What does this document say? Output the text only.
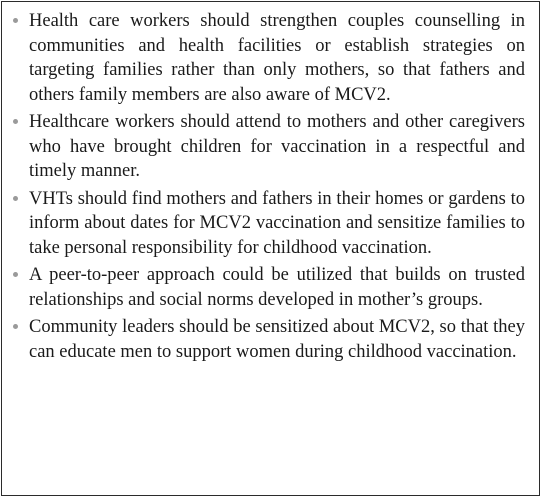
Health care workers should strengthen couples counselling in communities and health facilities or establish strategies on targeting families rather than only mothers, so that fathers and others family members are also aware of MCV2.
Healthcare workers should attend to mothers and other caregivers who have brought children for vaccination in a respectful and timely manner.
VHTs should find mothers and fathers in their homes or gardens to inform about dates for MCV2 vaccination and sensitize families to take personal responsibility for childhood vaccination.
A peer-to-peer approach could be utilized that builds on trusted relationships and social norms developed in mother’s groups.
Community leaders should be sensitized about MCV2, so that they can educate men to support women during childhood vaccination.
